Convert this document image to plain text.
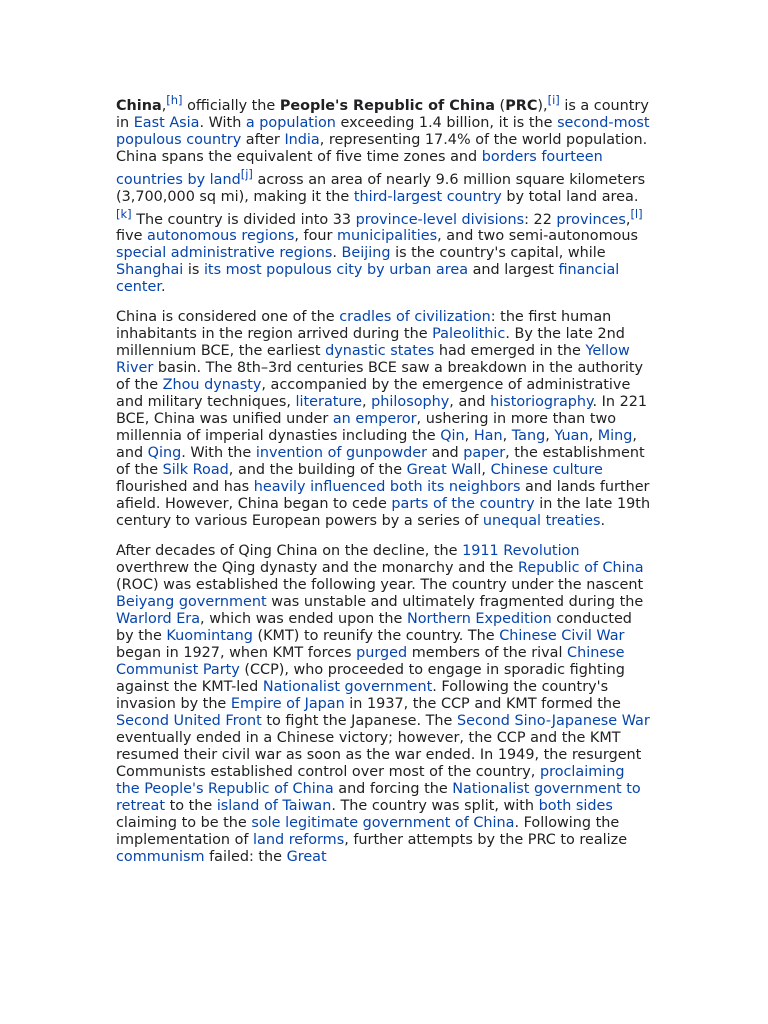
China,[h] officially the People's Republic of China (PRC),[i] is a country in East Asia. With a population exceeding 1.4 billion, it is the second-most populous country after India, representing 17.4% of the world population. China spans the equivalent of five time zones and borders fourteen countries by land[j] across an area of nearly 9.6 million square kilometers (3,700,000 sq mi), making it the third-largest country by total land area.[k] The country is divided into 33 province-level divisions: 22 provinces,[l] five autonomous regions, four municipalities, and two semi-autonomous special administrative regions. Beijing is the country's capital, while Shanghai is its most populous city by urban area and largest financial center.

China is considered one of the cradles of civilization: the first human inhabitants in the region arrived during the Paleolithic. By the late 2nd millennium BCE, the earliest dynastic states had emerged in the Yellow River basin. The 8th–3rd centuries BCE saw a breakdown in the authority of the Zhou dynasty, accompanied by the emergence of administrative and military techniques, literature, philosophy, and historiography. In 221 BCE, China was unified under an emperor, ushering in more than two millennia of imperial dynasties including the Qin, Han, Tang, Yuan, Ming, and Qing. With the invention of gunpowder and paper, the establishment of the Silk Road, and the building of the Great Wall, Chinese culture flourished and has heavily influenced both its neighbors and lands further afield. However, China began to cede parts of the country in the late 19th century to various European powers by a series of unequal treaties.

After decades of Qing China on the decline, the 1911 Revolution overthrew the Qing dynasty and the monarchy and the Republic of China (ROC) was established the following year. The country under the nascent Beiyang government was unstable and ultimately fragmented during the Warlord Era, which was ended upon the Northern Expedition conducted by the Kuomintang (KMT) to reunify the country. The Chinese Civil War began in 1927, when KMT forces purged members of the rival Chinese Communist Party (CCP), who proceeded to engage in sporadic fighting against the KMT-led Nationalist government. Following the country's invasion by the Empire of Japan in 1937, the CCP and KMT formed the Second United Front to fight the Japanese. The Second Sino-Japanese War eventually ended in a Chinese victory; however, the CCP and the KMT resumed their civil war as soon as the war ended. In 1949, the resurgent Communists established control over most of the country, proclaiming the People's Republic of China and forcing the Nationalist government to retreat to the island of Taiwan. The country was split, with both sides claiming to be the sole legitimate government of China. Following the implementation of land reforms, further attempts by the PRC to realize communism failed: the Great
